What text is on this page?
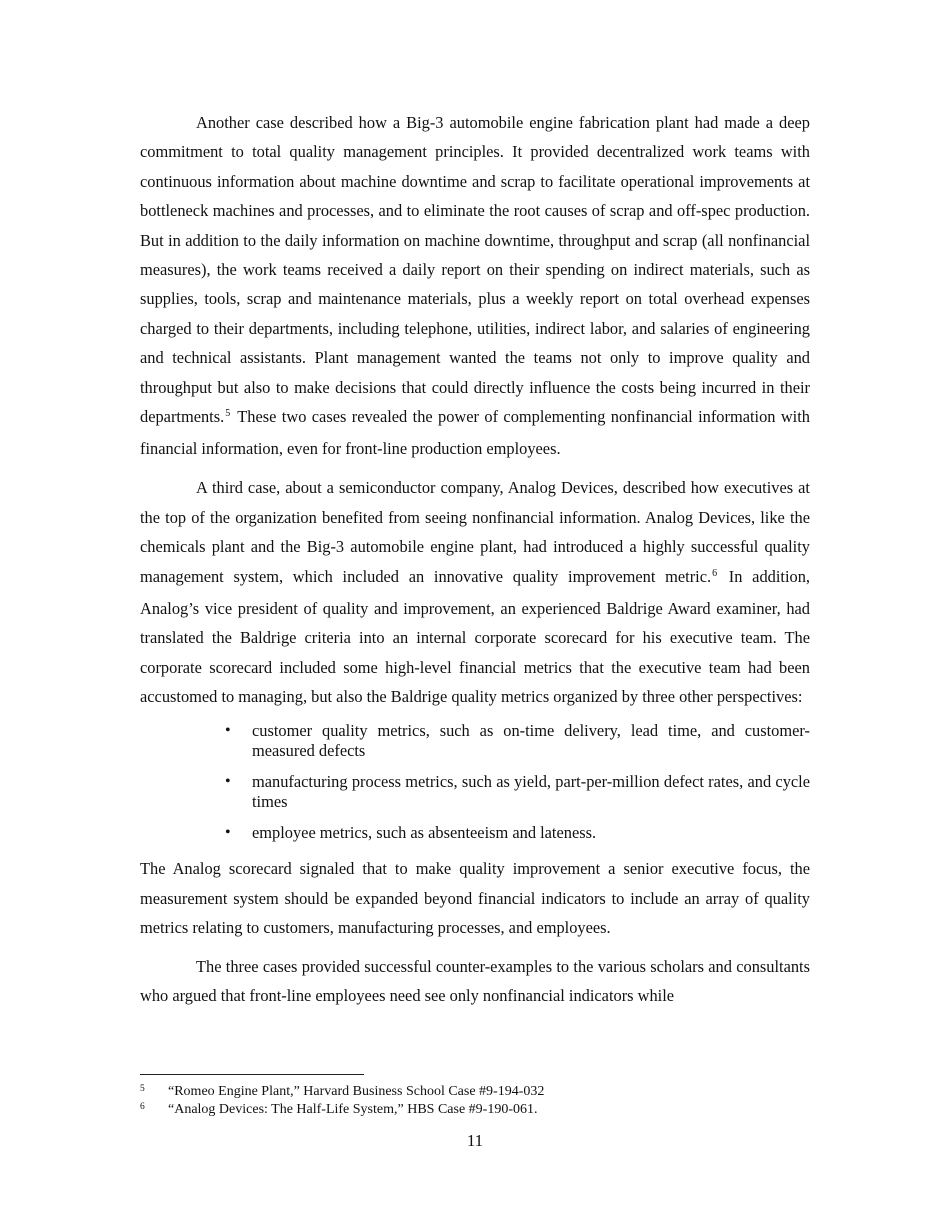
Another case described how a Big-3 automobile engine fabrication plant had made a deep commitment to total quality management principles. It provided decentralized work teams with continuous information about machine downtime and scrap to facilitate operational improvements at bottleneck machines and processes, and to eliminate the root causes of scrap and off-spec production. But in addition to the daily information on machine downtime, throughput and scrap (all nonfinancial measures), the work teams received a daily report on their spending on indirect materials, such as supplies, tools, scrap and maintenance materials, plus a weekly report on total overhead expenses charged to their departments, including telephone, utilities, indirect labor, and salaries of engineering and technical assistants. Plant management wanted the teams not only to improve quality and throughput but also to make decisions that could directly influence the costs being incurred in their departments.$^5$ These two cases revealed the power of complementing nonfinancial information with financial information, even for front-line production employees.

A third case, about a semiconductor company, Analog Devices, described how executives at the top of the organization benefited from seeing nonfinancial information. Analog Devices, like the chemicals plant and the Big-3 automobile engine plant, had introduced a highly successful quality management system, which included an innovative quality improvement metric.$^6$ In addition, Analog’s vice president of quality and improvement, an experienced Baldrige Award examiner, had translated the Baldrige criteria into an internal corporate scorecard for his executive team. The corporate scorecard included some high-level financial metrics that the executive team had been accustomed to managing, but also the Baldrige quality metrics organized by three other perspectives:

• customer quality metrics, such as on-time delivery, lead time, and customer-measured defects
• manufacturing process metrics, such as yield, part-per-million defect rates, and cycle times
• employee metrics, such as absenteeism and lateness.

The Analog scorecard signaled that to make quality improvement a senior executive focus, the measurement system should be expanded beyond financial indicators to include an array of quality metrics relating to customers, manufacturing processes, and employees.

The three cases provided successful counter-examples to the various scholars and consultants who argued that front-line employees need see only nonfinancial indicators while

5 “Romeo Engine Plant,” Harvard Business School Case #9-194-032
6 “Analog Devices: The Half-Life System,” HBS Case #9-190-061.
11
